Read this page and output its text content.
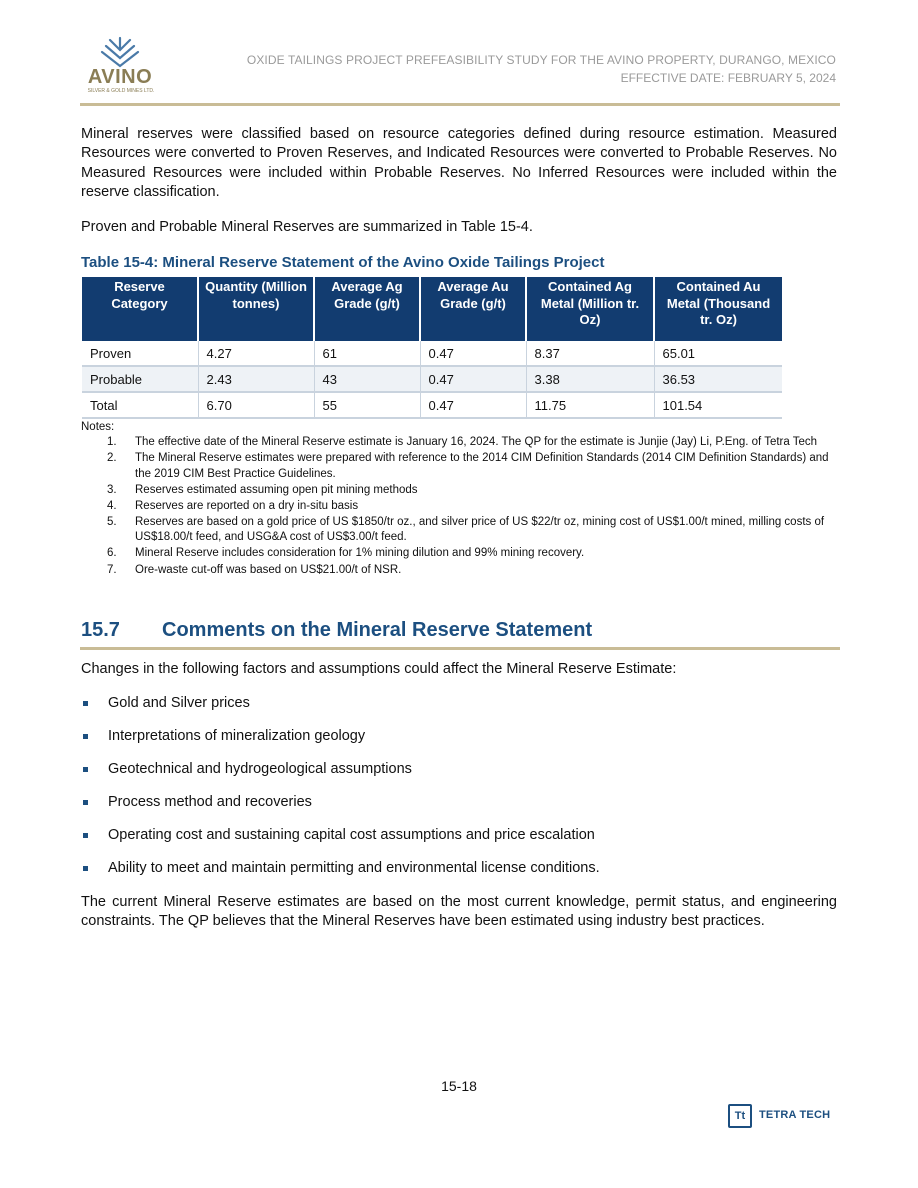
AVINO
SILVER & GOLD MINES LTD.
OXIDE TAILINGS PROJECT PREFEASIBILITY STUDY FOR THE AVINO PROPERTY, DURANGO, MEXICO
EFFECTIVE DATE: FEBRUARY 5, 2024
Mineral reserves were classified based on resource categories defined during resource estimation. Measured Resources were converted to Proven Reserves, and Indicated Resources were converted to Probable Reserves. No Measured Resources were included within Probable Reserves. No Inferred Resources were included within the reserve classification.
Proven and Probable Mineral Reserves are summarized in Table 15-4.
Table 15-4: Mineral Reserve Statement of the Avino Oxide Tailings Project
Reserve Category	Quantity (Million tonnes)	Average Ag Grade (g/t)	Average Au Grade (g/t)	Contained Ag Metal (Million tr. Oz)	Contained Au Metal (Thousand tr. Oz)
Proven	4.27	61	0.47	8.37	65.01
Probable	2.43	43	0.47	3.38	36.53
Total	6.70	55	0.47	11.75	101.54
Notes:
1. The effective date of the Mineral Reserve estimate is January 16, 2024. The QP for the estimate is Junjie (Jay) Li, P.Eng. of Tetra Tech
2. The Mineral Reserve estimates were prepared with reference to the 2014 CIM Definition Standards (2014 CIM Definition Standards) and the 2019 CIM Best Practice Guidelines.
3. Reserves estimated assuming open pit mining methods
4. Reserves are reported on a dry in-situ basis
5. Reserves are based on a gold price of US $1850/tr oz., and silver price of US $22/tr oz, mining cost of US$1.00/t mined, milling costs of US$18.00/t feed, and USG&A cost of US$3.00/t feed.
6. Mineral Reserve includes consideration for 1% mining dilution and 99% mining recovery.
7. Ore-waste cut-off was based on US$21.00/t of NSR.
15.7 Comments on the Mineral Reserve Statement
Changes in the following factors and assumptions could affect the Mineral Reserve Estimate:
Gold and Silver prices
Interpretations of mineralization geology
Geotechnical and hydrogeological assumptions
Process method and recoveries
Operating cost and sustaining capital cost assumptions and price escalation
Ability to meet and maintain permitting and environmental license conditions.
The current Mineral Reserve estimates are based on the most current knowledge, permit status, and engineering constraints. The QP believes that the Mineral Reserves have been estimated using industry best practices.
15-18
Tt	TETRA TECH
